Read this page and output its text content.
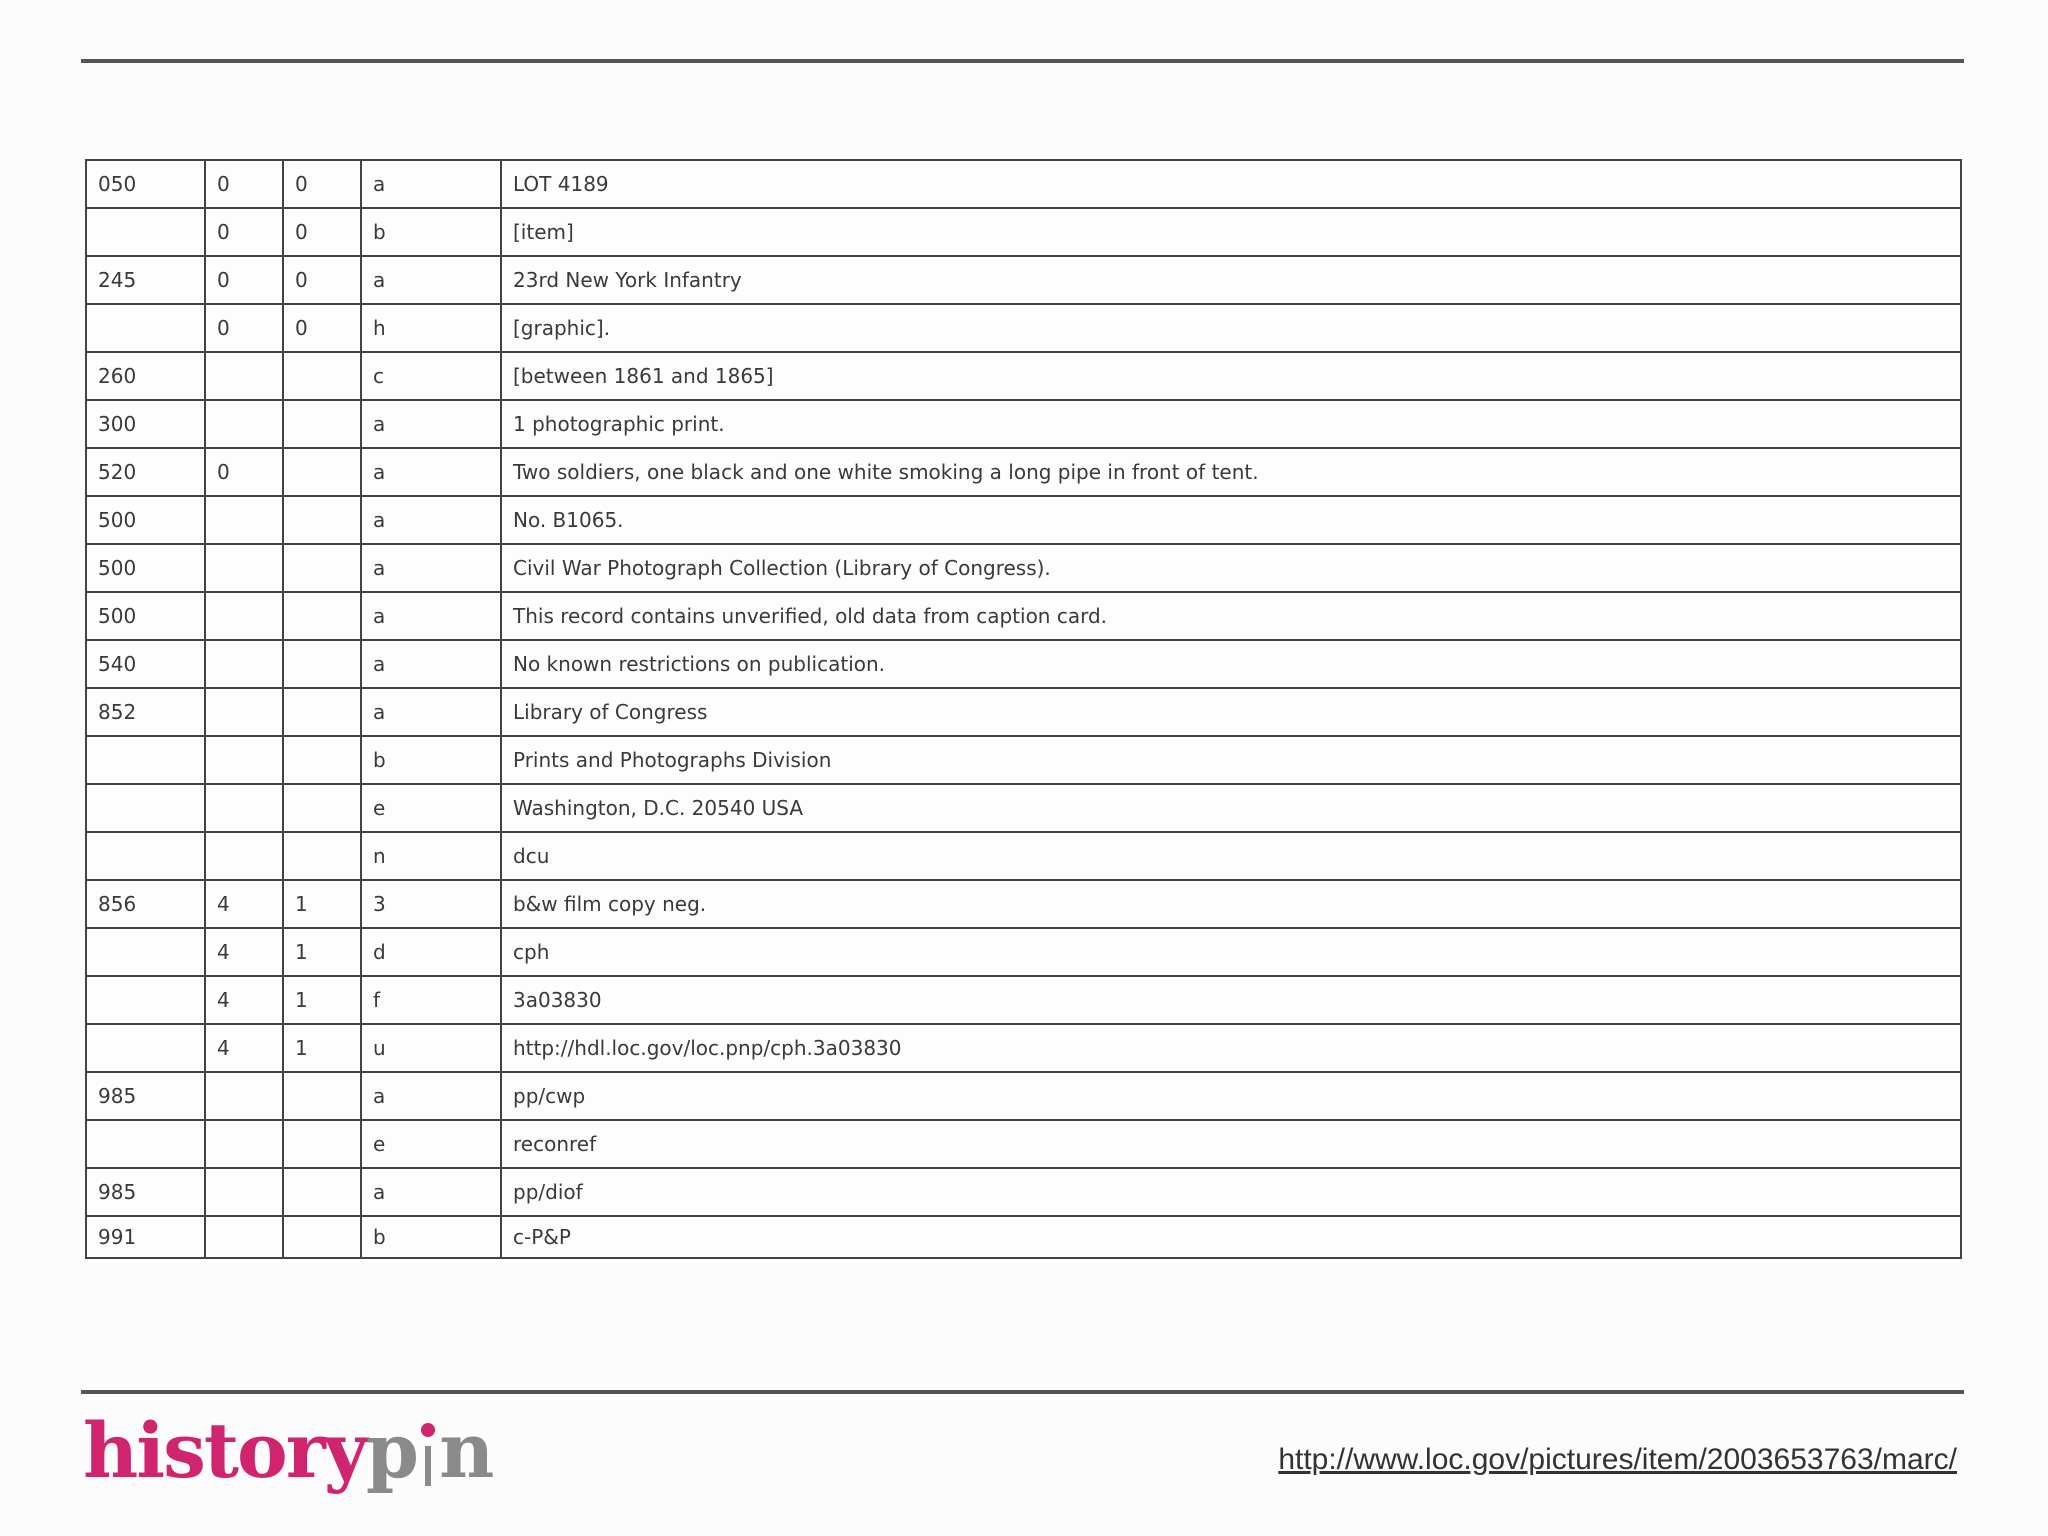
050	0	0	a	LOT 4189
	0	0	b	[item]
245	0	0	a	23rd New York Infantry
	0	0	h	[graphic].
260			c	[between 1861 and 1865]
300			a	1 photographic print.
520	0		a	Two soldiers, one black and one white smoking a long pipe in front of tent.
500			a	No. B1065.
500			a	Civil War Photograph Collection (Library of Congress).
500			a	This record contains unverified, old data from caption card.
540			a	No known restrictions on publication.
852			a	Library of Congress
			b	Prints and Photographs Division
			e	Washington, D.C. 20540 USA
			n	dcu
856	4	1	3	b&w film copy neg.
	4	1	d	cph
	4	1	f	3a03830
	4	1	u	http://hdl.loc.gov/loc.pnp/cph.3a03830
985			a	pp/cwp
			e	reconref
985			a	pp/diof
991			b	c-P&P
history p n	http://www.loc.gov/pictures/item/2003653763/marc/
